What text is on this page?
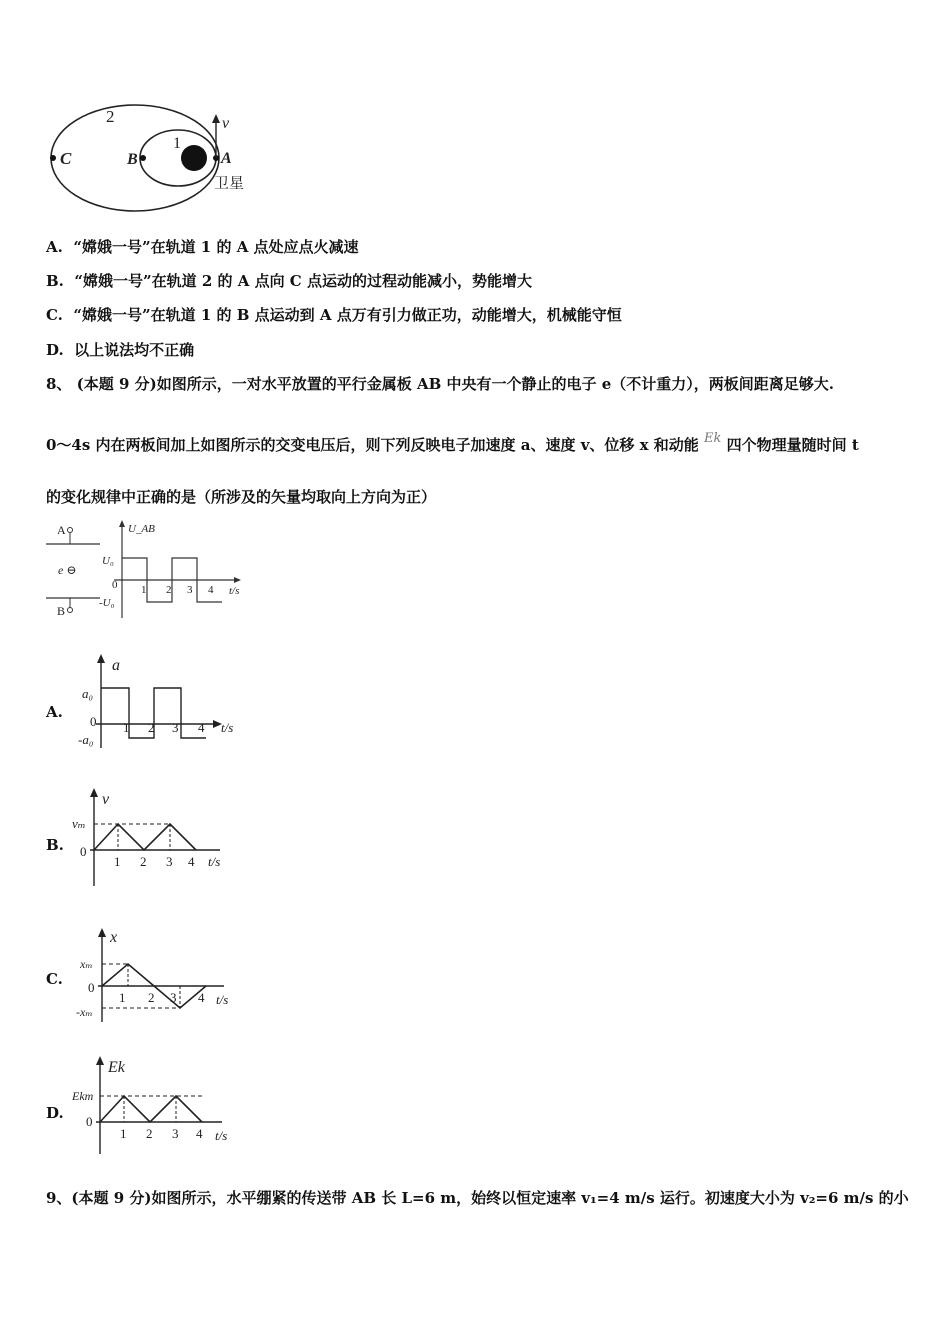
2
1
C	B	A
v
卫星
A. “嫦娥一号”在轨道 1 的 A 点处应点火减速
B. “嫦娥一号”在轨道 2 的 A 点向 C 点运动的过程动能减小，势能增大
C. “嫦娥一号”在轨道 1 的 B 点运动到 A 点万有引力做正功，动能增大，机械能守恒
D. 以上说法均不正确
8、 (本题 9 分)如图所示，一对水平放置的平行金属板 AB 中央有一个静止的电子 e（不计重力），两板间距离足够大.
0～4s 内在两板间加上如图所示的交变电压后，则下列反映电子加速度 a、速度 v、位移 x 和动能 Ek 四个物理量随时间 t
的变化规律中正确的是（所涉及的矢量均取向上方向为正）
A
B
e ⊖
U_AB
U₀
0
-U₀
1 2 3 4 t/s
A.
a
a₀
0
-a₀
1 2 3 4 t/s
B.
v
vₘ
0
1 2 3 4 t/s
C.
x
xₘ
0
-xₘ
1 2 3 4 t/s
D.
Ek
Ekm
0
1 2 3 4 t/s
9、(本题 9 分)如图所示，水平绷紧的传送带 AB 长 L=6 m，始终以恒定速率 v₁=4 m/s 运行。初速度大小为 v₂=6 m/s 的小
